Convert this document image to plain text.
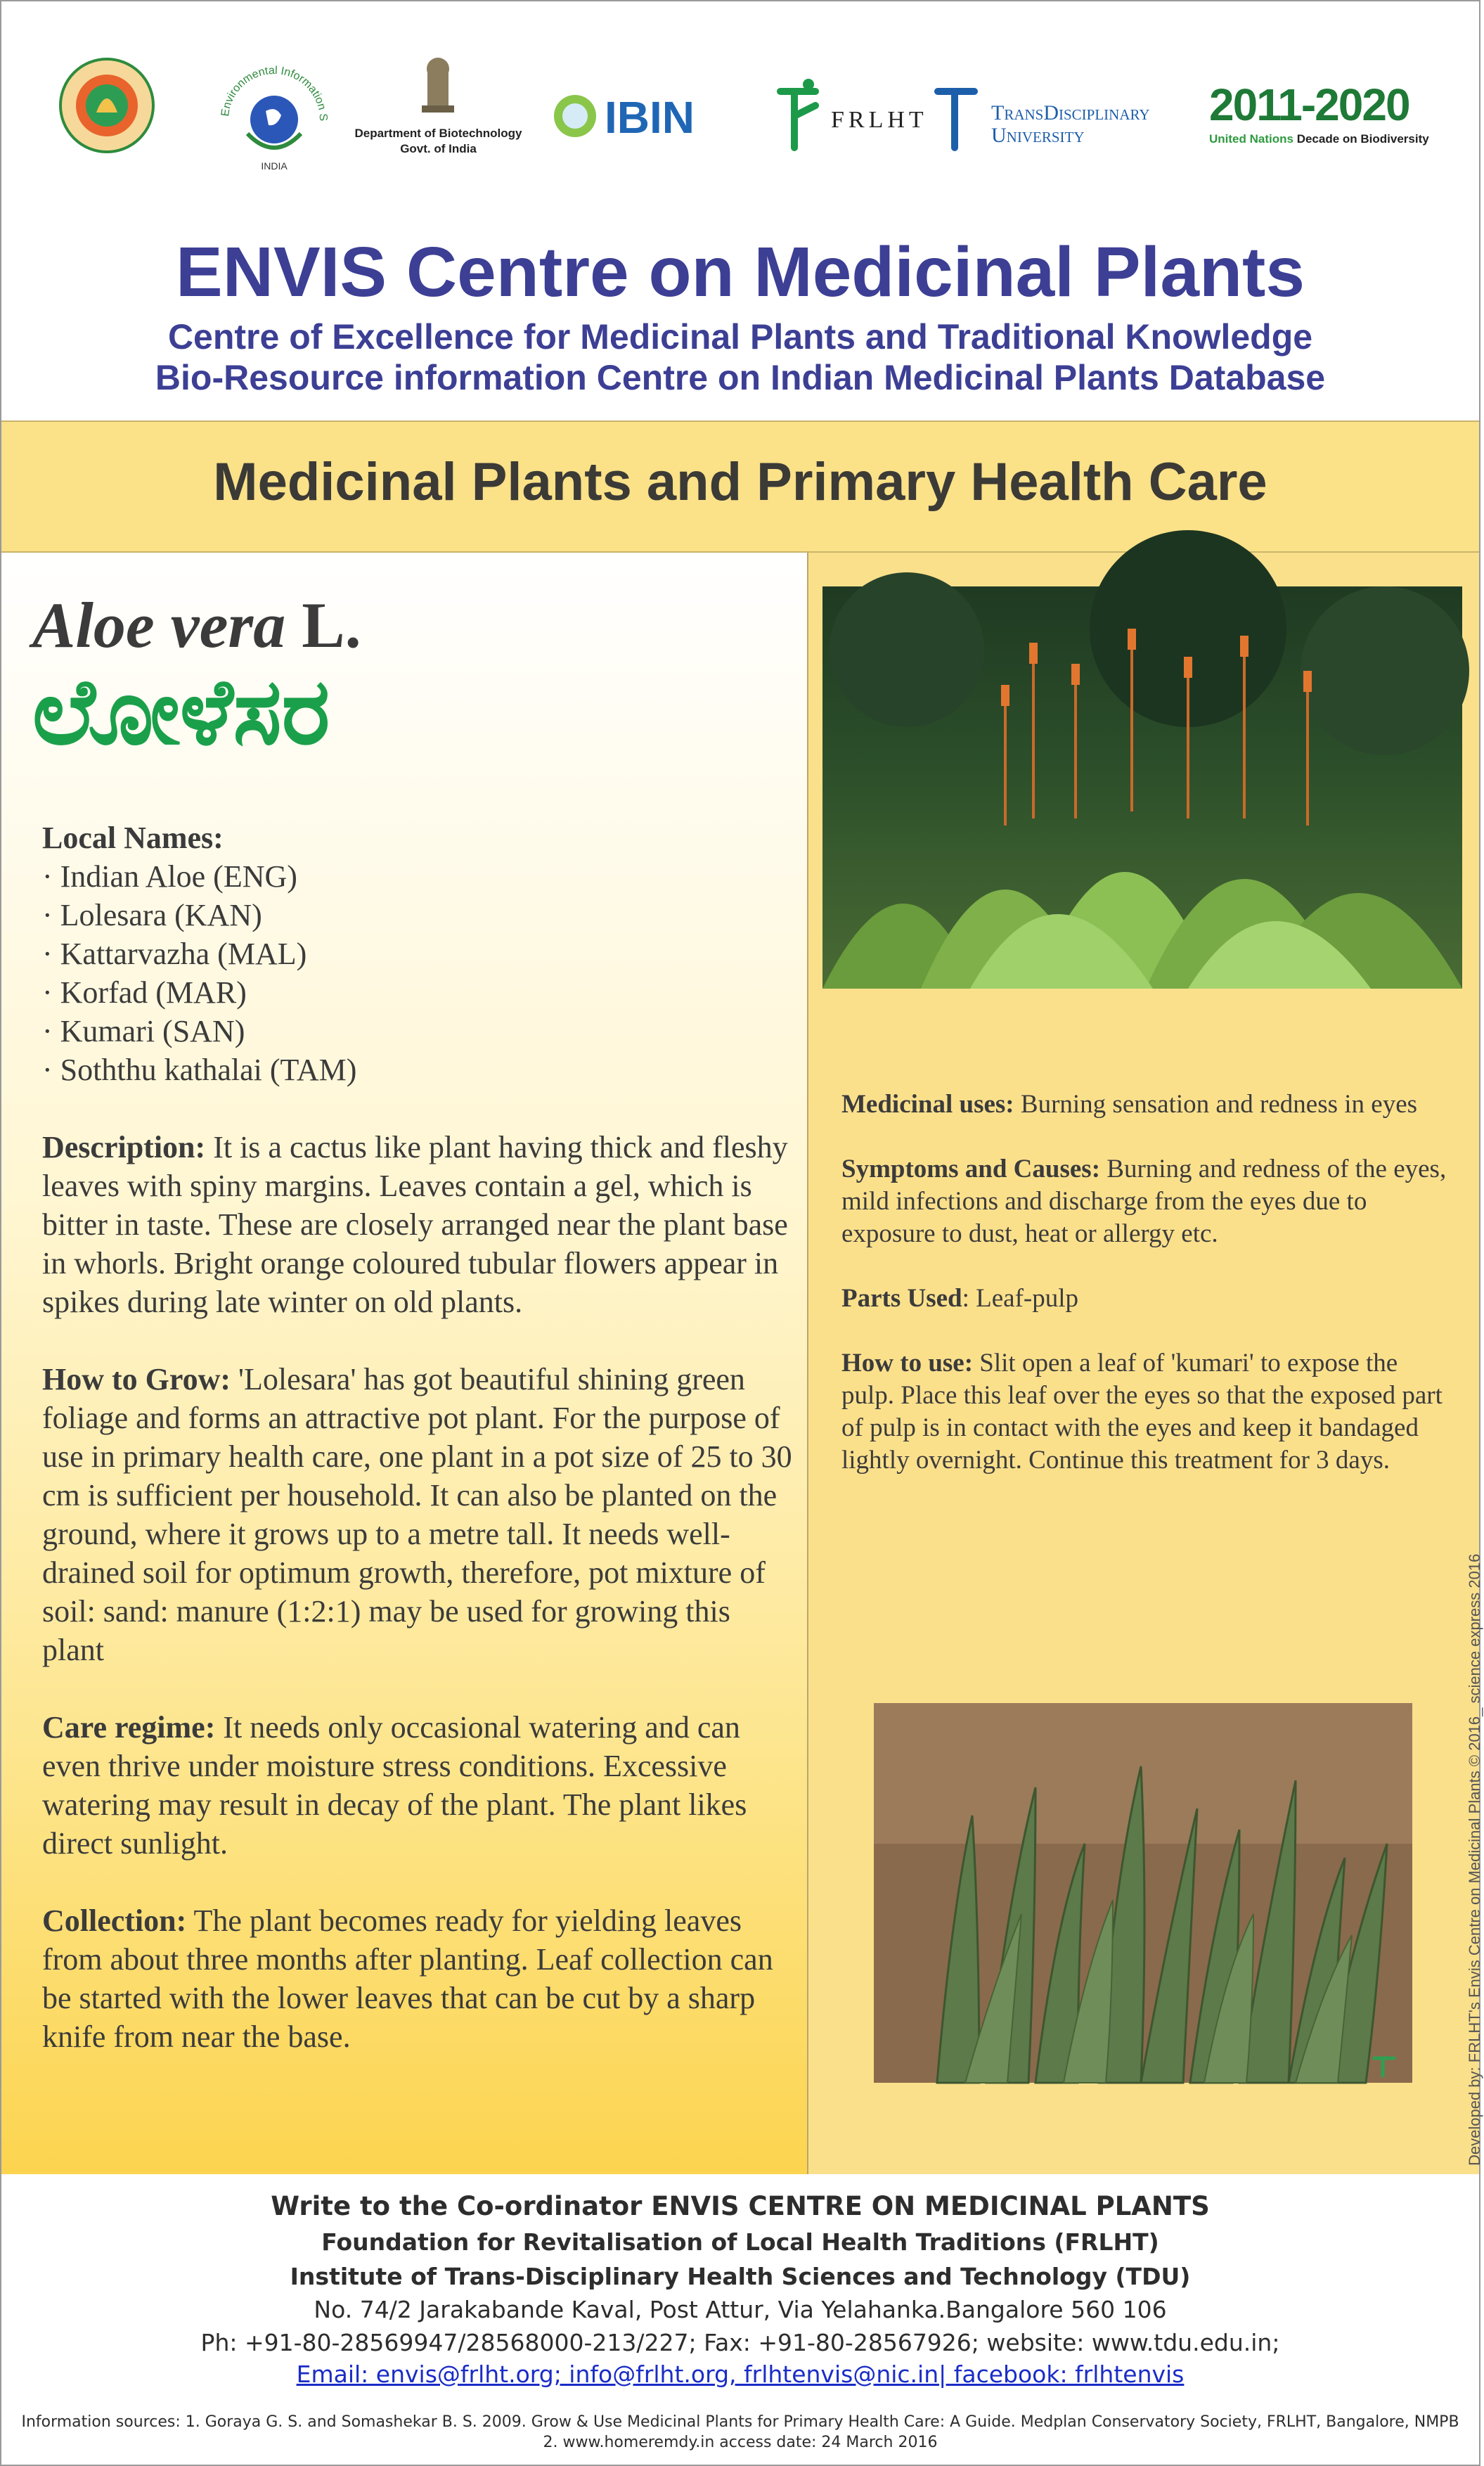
Environmental Information S
INDIA
Department of Biotechnology
Govt. of India
IBIN	FRLHT	TransDisciplinary
University
2011-2020
United Nations Decade on Biodiversity
ENVIS Centre on Medicinal Plants
Centre of Excellence for Medicinal Plants and Traditional Knowledge
Bio-Resource information Centre on Indian Medicinal Plants Database
Medicinal Plants and Primary Health Care
Aloe vera L.
ಲೋಳೆಸರ
Local Names:
· Indian Aloe (ENG)
· Lolesara (KAN)
· Kattarvazha (MAL)
· Korfad (MAR)
· Kumari (SAN)
· Soththu kathalai (TAM)

Description: It is a cactus like plant having thick and fleshy leaves with spiny margins. Leaves contain a gel, which is bitter in taste. These are closely arranged near the plant base in whorls. Bright orange coloured tubular flowers appear in spikes during late winter on old plants.

How to Grow: 'Lolesara' has got beautiful shining green foliage and forms an attractive pot plant. For the purpose of use in primary health care, one plant in a pot size of 25 to 30 cm is sufficient per household. It can also be planted on the ground, where it grows up to a metre tall. It needs well-drained soil for optimum growth, therefore, pot mixture of soil: sand: manure (1:2:1) may be used for growing this plant

Care regime: It needs only occasional watering and can even thrive under moisture stress conditions. Excessive watering may result in decay of the plant. The plant likes direct sunlight.

Collection: The plant becomes ready for yielding leaves from about three months after planting. Leaf collection can be started with the lower leaves that can be cut by a sharp knife from near the base.

Medicinal uses: Burning sensation and redness in eyes

Symptoms and Causes: Burning and redness of the eyes, mild infections and discharge from the eyes due to exposure to dust, heat or allergy etc.

Parts Used: Leaf-pulp

How to use: Slit open a leaf of 'kumari' to expose the pulp. Place this leaf over the eyes so that the exposed part of pulp is in contact with the eyes and keep it bandaged lightly overnight. Continue this treatment for 3 days.

Developed by: FRLHT's Envis Centre on Medicinal Plants © 2016_ science express 2016
Write to the Co-ordinator ENVIS CENTRE ON MEDICINAL PLANTS
Foundation for Revitalisation of Local Health Traditions (FRLHT)
Institute of Trans-Disciplinary Health Sciences and Technology (TDU)
No. 74/2 Jarakabande Kaval, Post Attur, Via Yelahanka.Bangalore 560 106
Ph: +91-80-28569947/28568000-213/227; Fax: +91-80-28567926; website: www.tdu.edu.in;
Email: envis@frlht.org; info@frlht.org, frlhtenvis@nic.in| facebook: frlhtenvis
Information sources: 1. Goraya G. S. and Somashekar B. S. 2009. Grow & Use Medicinal Plants for Primary Health Care: A Guide. Medplan Conservatory Society, FRLHT, Bangalore, NMPB
2. www.homeremdy.in access date: 24 March 2016
